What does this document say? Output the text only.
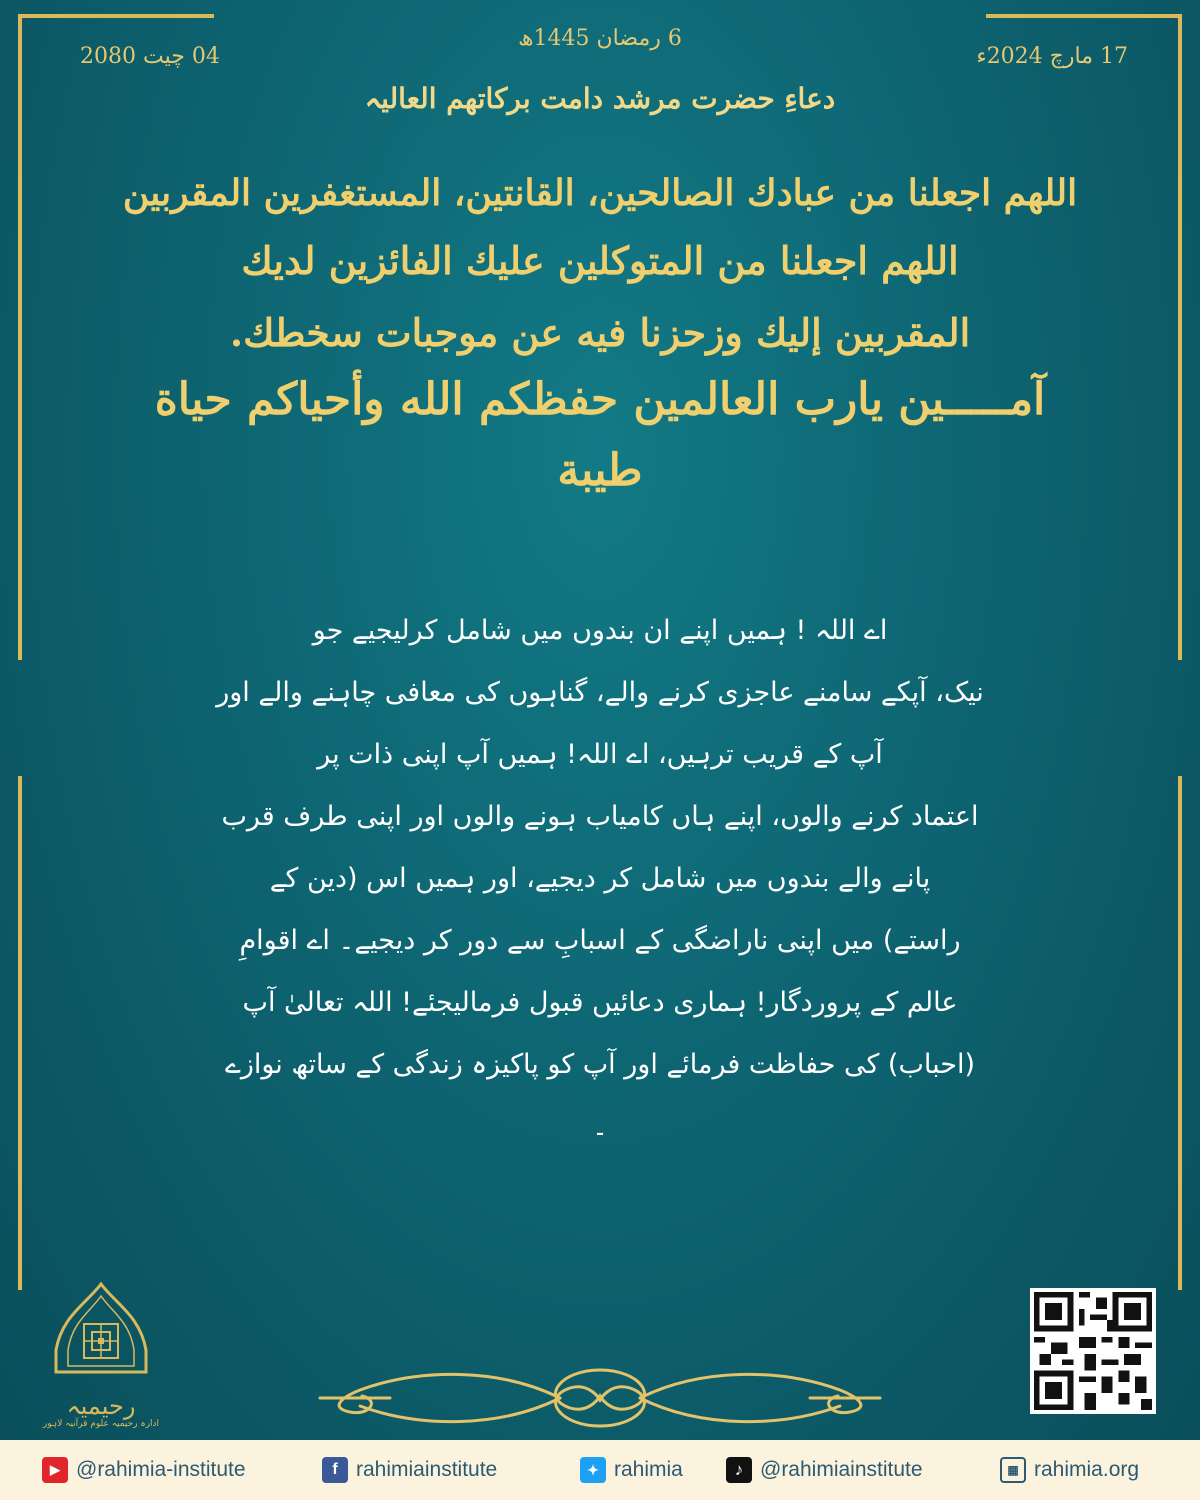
17 مارچ 2024ء
6 رمضان 1445ھ
04 چیت 2080
دعاءِ حضرت مرشد دامت برکاتھم العالیہ
اللهم اجعلنا من عبادك الصالحين، القانتين، المستغفرين المقربين
اللهم اجعلنا من المتوكلين عليك الفائزين لديك
المقربين إليك وزحزنا فيه عن موجبات سخطك.
آمـــــين يارب العالمين حفظكم الله وأحياكم حياة
طيبة
اے اللہ ! ہمیں اپنے ان بندوں میں شامل کرلیجیے جو
نیک، آپکے سامنے عاجزی کرنے والے، گناہوں کی معافی چاہنے والے اور
آپ کے قریب ترہیں، اے اللہ! ہمیں آپ اپنی ذات پر
اعتماد کرنے والوں، اپنے ہاں کامیاب ہونے والوں اور اپنی طرف قرب
پانے والے بندوں میں شامل کر دیجیے، اور ہمیں اس (دین کے
راستے) میں اپنی ناراضگی کے اسبابِ سے دور کر دیجیے۔ اے اقوامِ
عالم کے پروردگار! ہماری دعائیں قبول فرمالیجئے! اللہ تعالیٰ آپ
(احباب) کی حفاظت فرمائے اور آپ کو پاکیزہ زندگی کے ساتھ نوازے
۔
رحیمیہ
ادارہ رحیمیہ علوم قرآنیہ لاہور
▶ @rahimia-institute	f rahimiainstitute	✦ rahimia	♪ @rahimiainstitute	▦ rahimia.org
